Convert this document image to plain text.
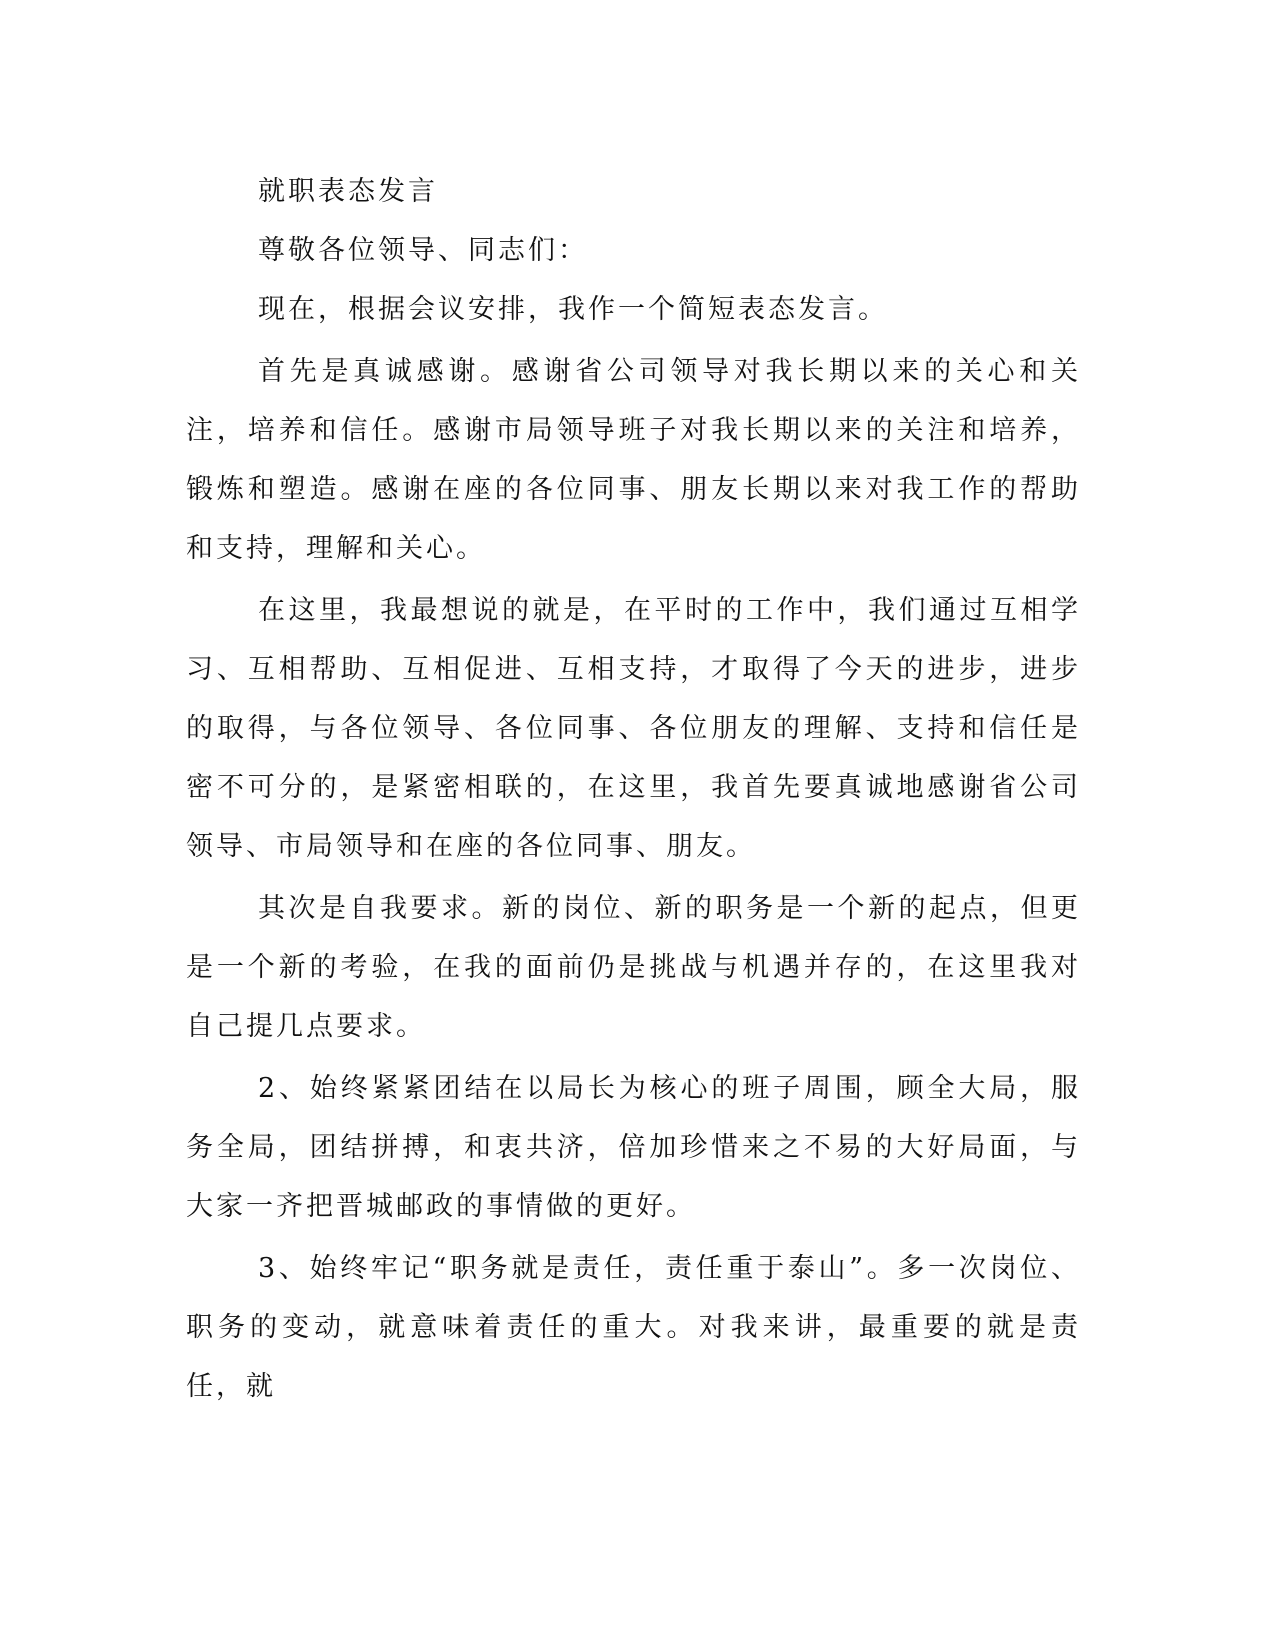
就职表态发言

尊敬各位领导、同志们：

现在，根据会议安排，我作一个简短表态发言。

首先是真诚感谢。感谢省公司领导对我长期以来的关心和关注，培养和信任。感谢市局领导班子对我长期以来的关注和培养，锻炼和塑造。感谢在座的各位同事、朋友长期以来对我工作的帮助和支持，理解和关心。

在这里，我最想说的就是，在平时的工作中，我们通过互相学习、互相帮助、互相促进、互相支持，才取得了今天的进步，进步的取得，与各位领导、各位同事、各位朋友的理解、支持和信任是密不可分的，是紧密相联的，在这里，我首先要真诚地感谢省公司领导、市局领导和在座的各位同事、朋友。

其次是自我要求。新的岗位、新的职务是一个新的起点，但更是一个新的考验，在我的面前仍是挑战与机遇并存的，在这里我对自己提几点要求。

2、始终紧紧团结在以局长为核心的班子周围，顾全大局，服务全局，团结拼搏，和衷共济，倍加珍惜来之不易的大好局面，与大家一齐把晋城邮政的事情做的更好。

3、始终牢记“职务就是责任，责任重于泰山”。多一次岗位、职务的变动，就意味着责任的重大。对我来讲，最重要的就是责任，就
